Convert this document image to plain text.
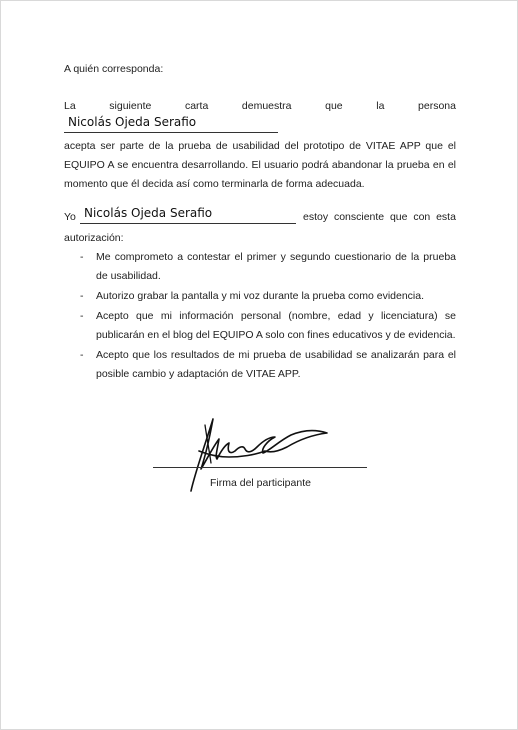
A quién corresponda:
La	siguiente	carta	demuestra	que	la	persona
Nicolás Ojeda Serafio
acepta ser parte de la prueba de usabilidad del prototipo de VITAE APP que el EQUIPO A se encuentra desarrollando. El usuario podrá abandonar la prueba en el momento que él decida así como terminarla de forma adecuada.
Yo Nicolás Ojeda Serafio	estoy consciente que con esta
autorización:
- Me comprometo a contestar el primer y segundo cuestionario de la prueba de usabilidad.
- Autorizo grabar la pantalla y mi voz durante la prueba como evidencia.
- Acepto que mi información personal (nombre, edad y licenciatura) se publicarán en el blog del EQUIPO A solo con fines educativos y de evidencia.
- Acepto que los resultados de mi prueba de usabilidad se analizarán para el posible cambio y adaptación de VITAE APP.
Firma del participante
